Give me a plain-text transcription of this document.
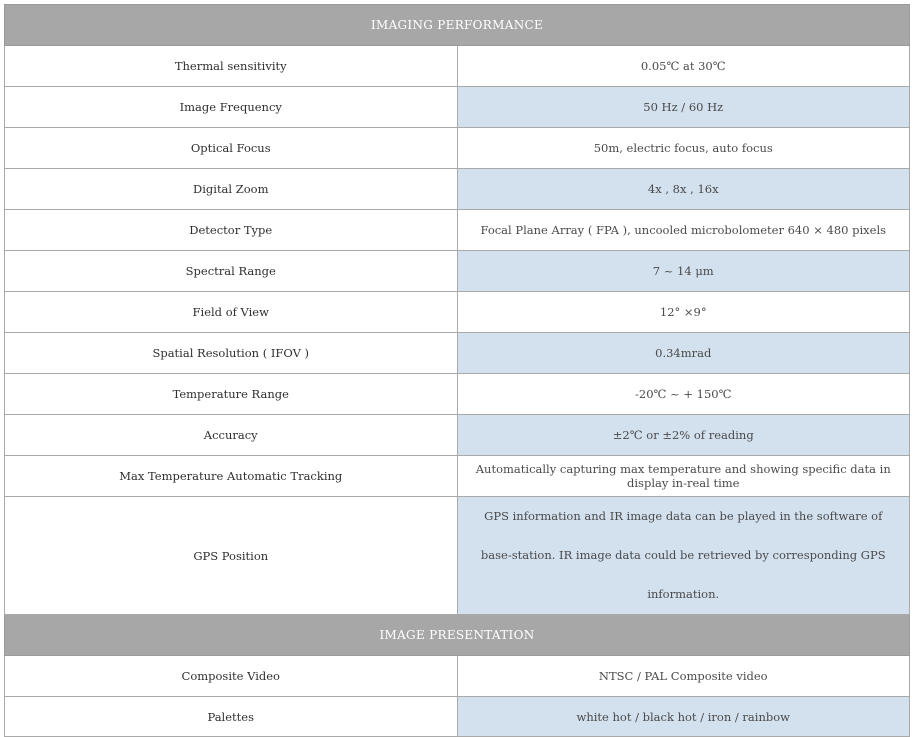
IMAGING PERFORMANCE	
Thermal sensitivity	0.05℃ at 30℃
Image Frequency	50 Hz / 60 Hz
Optical Focus	50m, electric focus, auto focus
Digital Zoom	4x , 8x , 16x
Detector Type	Focal Plane Array ( FPA ), uncooled microbolometer 640 × 480 pixels
Spectral Range	7 ~ 14 μm
Field of View	12° ×9°
Spatial Resolution ( IFOV )	0.34mrad
Temperature Range	-20℃ ~ + 150℃
Accuracy	±2℃ or ±2% of reading
Max Temperature Automatic Tracking	Automatically capturing max temperature and showing specific data in display in-real time
GPS Position	GPS information and IR image data can be played in the software of base-station. IR image data could be retrieved by corresponding GPS information.
IMAGE PRESENTATION	
Composite Video	NTSC / PAL Composite video
Palettes	white hot / black hot / iron / rainbow
